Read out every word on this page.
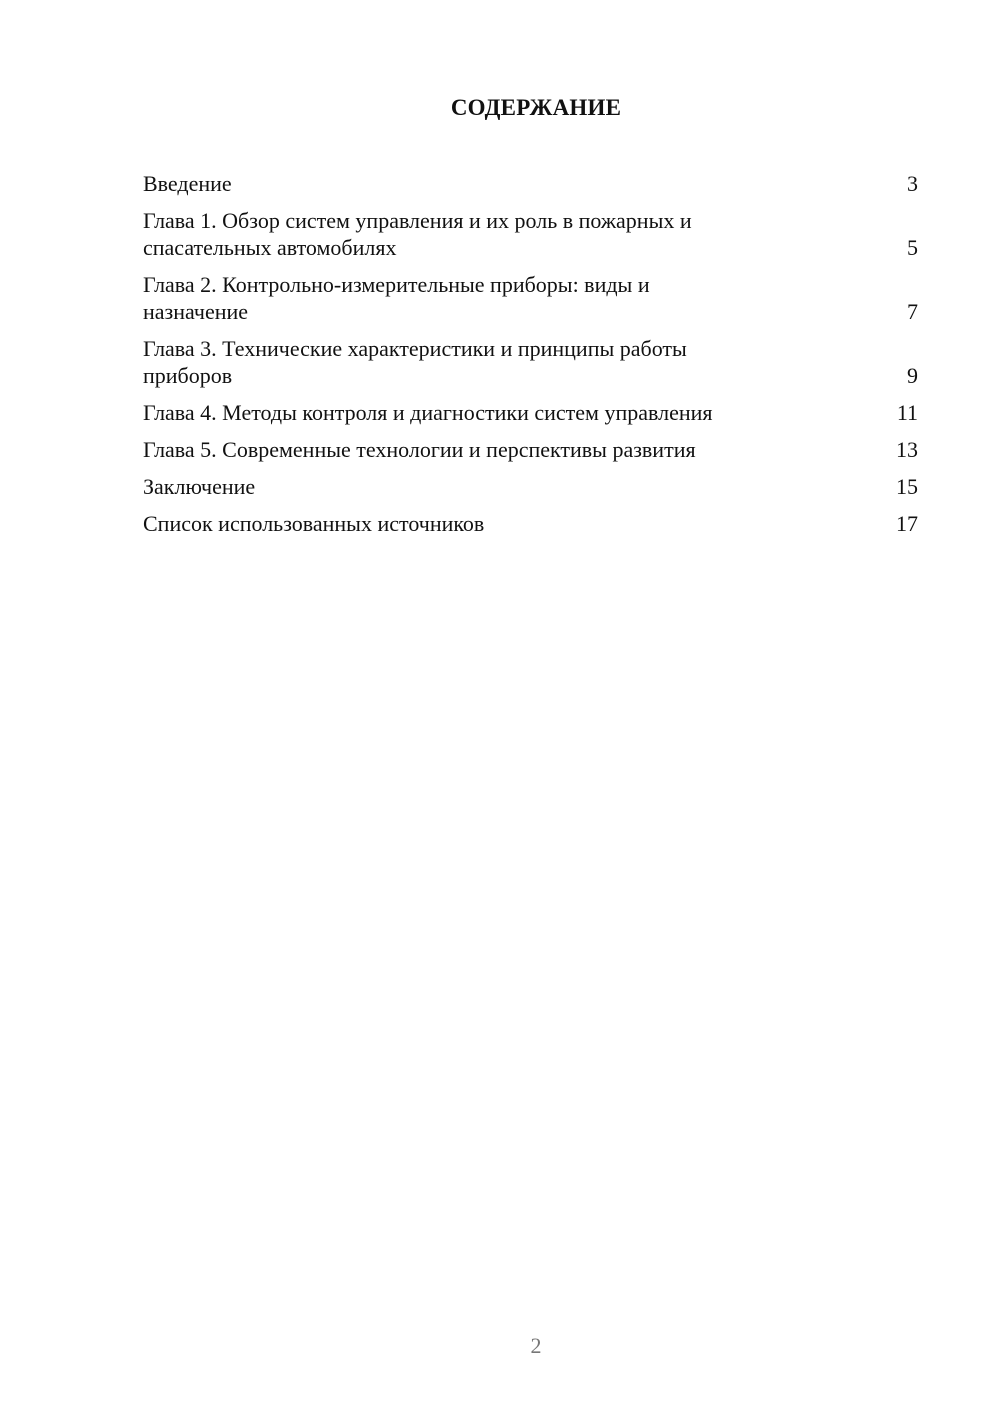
СОДЕРЖАНИЕ
Введение	3
Глава 1. Обзор систем управления и их роль в пожарных и спасательных автомобилях	5
Глава 2. Контрольно-измерительные приборы: виды и назначение	7
Глава 3. Технические характеристики и принципы работы приборов	9
Глава 4. Методы контроля и диагностики систем управления	11
Глава 5. Современные технологии и перспективы развития	13
Заключение	15
Список использованных источников	17
2
